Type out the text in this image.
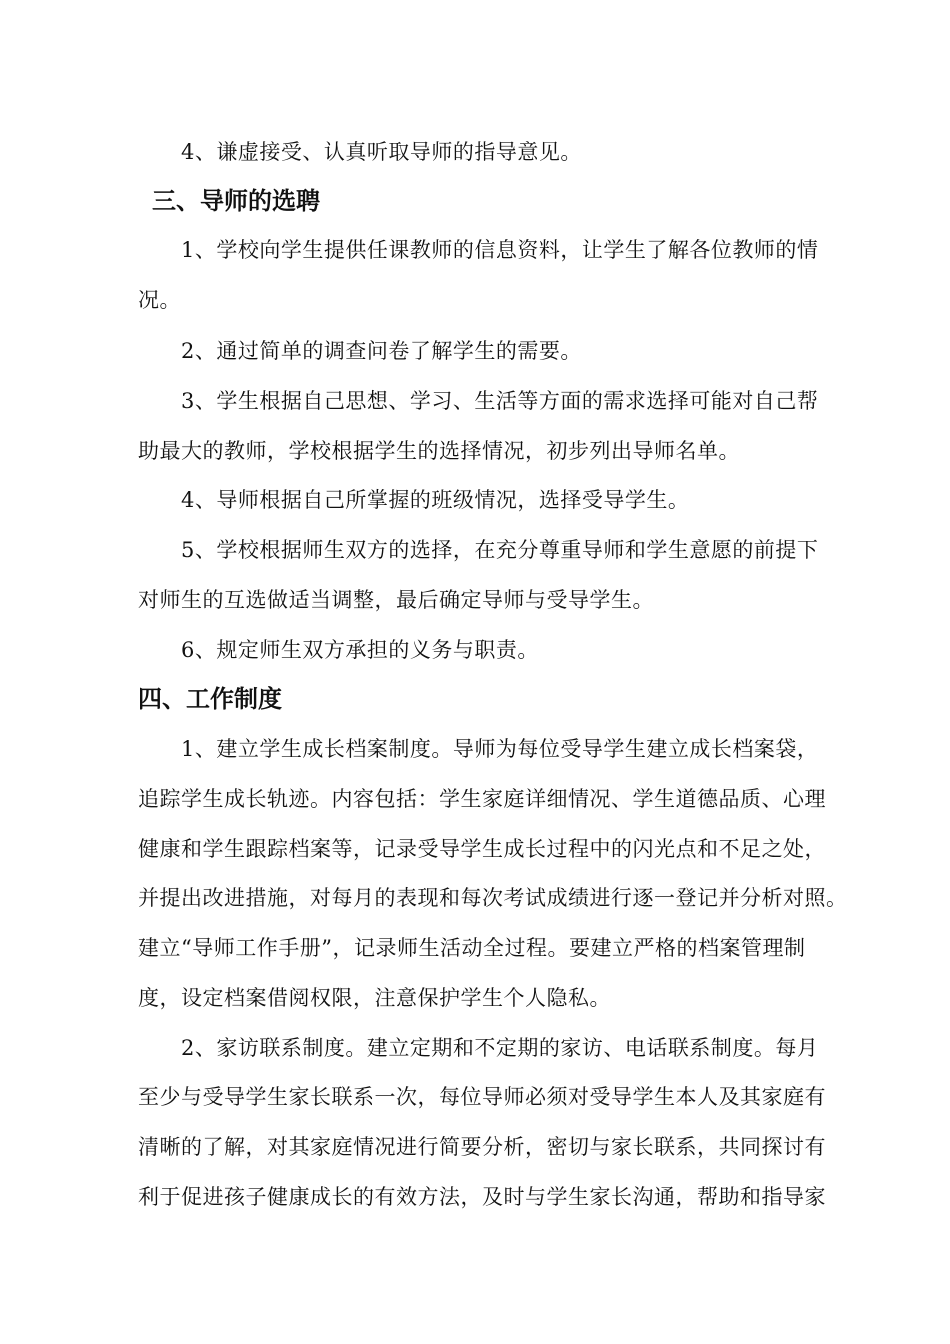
4、谦虚接受、认真听取导师的指导意见。
三、导师的选聘
1、学校向学生提供任课教师的信息资料，让学生了解各位教师的情
况。
2、通过简单的调查问卷了解学生的需要。
3、学生根据自己思想、学习、生活等方面的需求选择可能对自己帮
助最大的教师，学校根据学生的选择情况，初步列出导师名单。
4、导师根据自己所掌握的班级情况，选择受导学生。
5、学校根据师生双方的选择，在充分尊重导师和学生意愿的前提下
对师生的互选做适当调整，最后确定导师与受导学生。
6、规定师生双方承担的义务与职责。
四、工作制度
1、建立学生成长档案制度。导师为每位受导学生建立成长档案袋，
追踪学生成长轨迹。内容包括：学生家庭详细情况、学生道德品质、心理
健康和学生跟踪档案等，记录受导学生成长过程中的闪光点和不足之处，
并提出改进措施，对每月的表现和每次考试成绩进行逐一登记并分析对照。
建立“导师工作手册”，记录师生活动全过程。要建立严格的档案管理制
度，设定档案借阅权限，注意保护学生个人隐私。
2、家访联系制度。建立定期和不定期的家访、电话联系制度。每月
至少与受导学生家长联系一次，每位导师必须对受导学生本人及其家庭有
清晰的了解，对其家庭情况进行简要分析，密切与家长联系，共同探讨有
利于促进孩子健康成长的有效方法，及时与学生家长沟通，帮助和指导家
